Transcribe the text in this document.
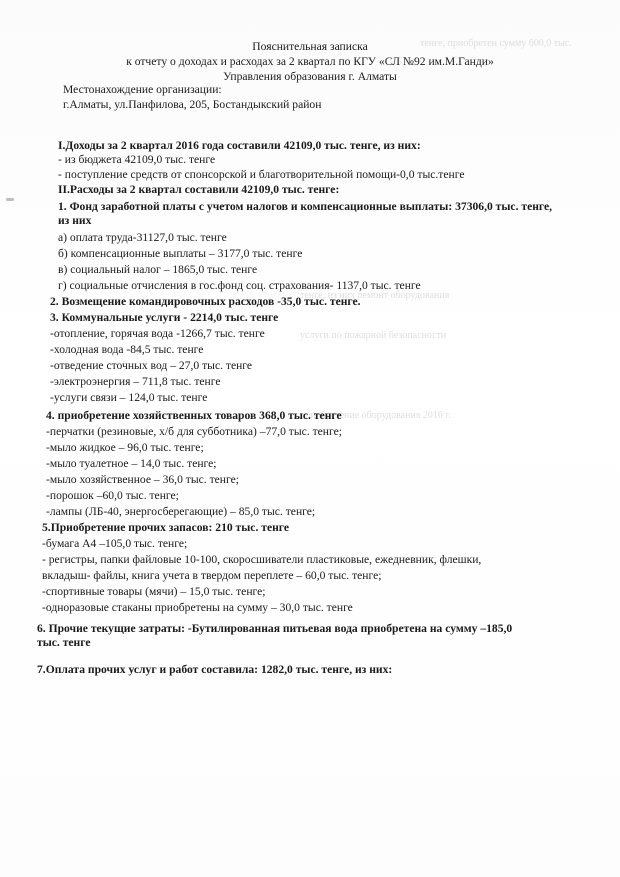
тенге, приобретен сумму 600,0 тыс.
тенге, из них ремонт оборудования
услуги по пожарной безопасности
приобретение оборудования 2016 г.
Пояснительная записка
к отчету о доходах и расходах за 2 квартал по КГУ «СЛ №92 им.М.Ганди»
Управления образования г. Алматы
Местонахождение организации:
г.Алматы, ул.Панфилова, 205, Бостандыкский район
I.Доходы за 2 квартал 2016 года составили 42109,0 тыс. тенге, из них:
- из бюджета 42109,0 тыс. тенге
- поступление средств от спонсорской и благотворительной помощи-0,0 тыс.тенге
II.Расходы за 2 квартал составили 42109,0 тыс. тенге:
1. Фонд заработной платы с учетом налогов и компенсационные выплаты: 37306,0 тыс. тенге,
из них
а) оплата труда-31127,0 тыс. тенге
б) компенсационные выплаты – 3177,0 тыс. тенге
в) социальный налог – 1865,0 тыс. тенге
г) социальные отчисления в гос.фонд соц. страхования- 1137,0 тыс. тенге
2. Возмещение командировочных расходов -35,0 тыс. тенге.
3. Коммунальные услуги - 2214,0 тыс. тенге
-отопление, горячая вода -1266,7 тыс. тенге
-холодная вода -84,5 тыс. тенге
-отведение сточных вод – 27,0 тыс. тенге
-электроэнергия – 711,8 тыс. тенге
-услуги связи – 124,0 тыс. тенге
4. приобретение хозяйственных товаров 368,0 тыс. тенге
-перчатки (резиновые, х/б для субботника) –77,0 тыс. тенге;
-мыло жидкое – 96,0 тыс. тенге;
-мыло туалетное – 14,0 тыс. тенге;
-мыло хозяйственное – 36,0 тыс. тенге;
-порошок –60,0 тыс. тенге;
-лампы (ЛБ-40, энергосберегающие) – 85,0 тыс. тенге;
5.Приобретение прочих запасов: 210 тыс. тенге
-бумага А4 –105,0 тыс. тенге;
- регистры, папки файловые 10-100, скоросшиватели пластиковые, ежедневник, флешки,
вкладыш- файлы, книга учета в твердом переплете – 60,0 тыс. тенге;
-спортивные товары (мячи) – 15,0 тыс. тенге;
-одноразовые стаканы приобретены на сумму – 30,0 тыс. тенге
6. Прочие текущие затраты: -Бутилированная питьевая вода приобретена на сумму –185,0
тыс. тенге
7.Оплата прочих услуг и работ составила: 1282,0 тыс. тенге, из них:
